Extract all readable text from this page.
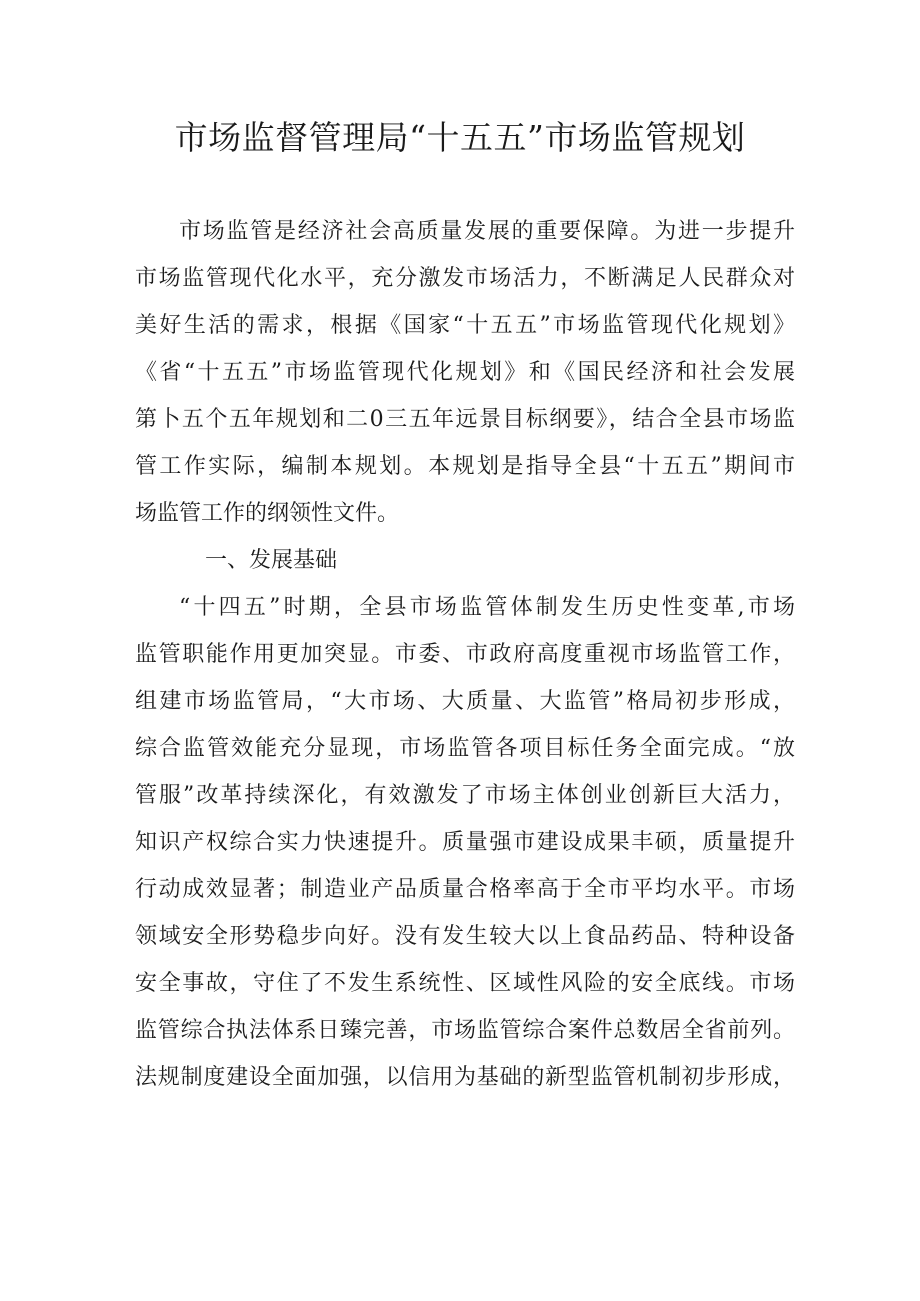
市场监督管理局“十五五”市场监管规划
市场监管是经济社会高质量发展的重要保障。为进一步提升
市场监管现代化水平，充分激发市场活力，不断满足人民群众对
美好生活的需求，根据《国家“十五五”市场监管现代化规划》
《省“十五五”市场监管现代化规划》和《国民经济和社会发展
第卜五个五年规划和二0三五年远景目标纲要》，结合全县市场监
管工作实际，编制本规划。本规划是指导全县“十五五”期间市
场监管工作的纲领性文件。
一、发展基础
“十四五”时期，全县市场监管体制发生历史性变革,市场
监管职能作用更加突显。市委、市政府高度重视市场监管工作，
组建市场监管局，“大市场、大质量、大监管”格局初步形成，
综合监管效能充分显现，市场监管各项目标任务全面完成。“放
管服”改革持续深化，有效激发了市场主体创业创新巨大活力，
知识产权综合实力快速提升。质量强市建设成果丰硕，质量提升
行动成效显著；制造业产品质量合格率高于全市平均水平。市场
领域安全形势稳步向好。没有发生较大以上食品药品、特种设备
安全事故，守住了不发生系统性、区域性风险的安全底线。市场
监管综合执法体系日臻完善，市场监管综合案件总数居全省前列。
法规制度建设全面加强，以信用为基础的新型监管机制初步形成，
